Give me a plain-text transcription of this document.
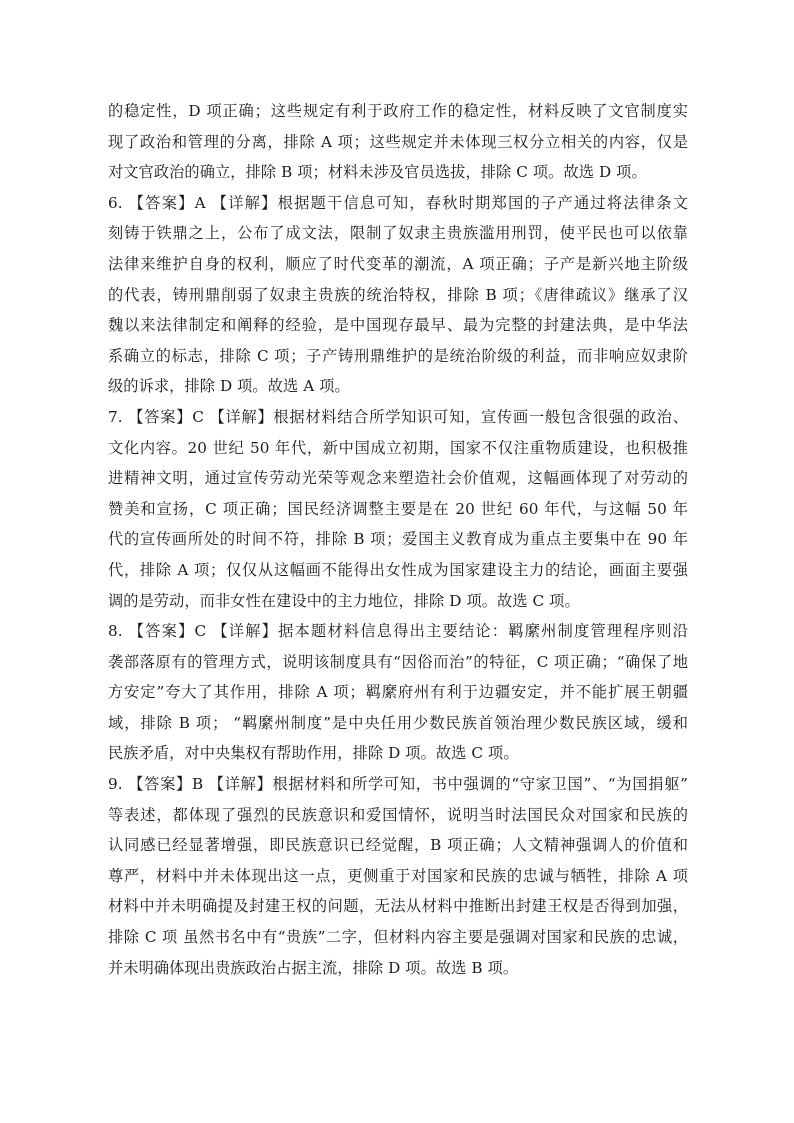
的稳定性，D 项正确；这些规定有利于政府工作的稳定性，材料反映了文官制度实
现了政治和管理的分离，排除 A 项；这些规定并未体现三权分立相关的内容，仅是
对文官政治的确立，排除 B 项；材料未涉及官员选拔，排除 C 项。故选 D 项。
6. 【答案】A 【详解】根据题干信息可知，春秋时期郑国的子产通过将法律条文
刻铸于铁鼎之上，公布了成文法，限制了奴隶主贵族滥用刑罚，使平民也可以依靠
法律来维护自身的权利，顺应了时代变革的潮流，A 项正确；子产是新兴地主阶级
的代表，铸刑鼎削弱了奴隶主贵族的统治特权，排除 B 项；《唐律疏议》继承了汉
魏以来法律制定和阐释的经验，是中国现存最早、最为完整的封建法典，是中华法
系确立的标志，排除 C 项；子产铸刑鼎维护的是统治阶级的利益，而非响应奴隶阶
级的诉求，排除 D 项。故选 A 项。
7. 【答案】C 【详解】根据材料结合所学知识可知，宣传画一般包含很强的政治、
文化内容。20 世纪 50 年代，新中国成立初期，国家不仅注重物质建设，也积极推
进精神文明，通过宣传劳动光荣等观念来塑造社会价值观，这幅画体现了对劳动的
赞美和宣扬，C 项正确；国民经济调整主要是在 20 世纪 60 年代，与这幅 50 年
代的宣传画所处的时间不符，排除 B 项；爱国主义教育成为重点主要集中在 90 年
代，排除 A 项；仅仅从这幅画不能得出女性成为国家建设主力的结论，画面主要强
调的是劳动，而非女性在建设中的主力地位，排除 D 项。故选 C 项。
8. 【答案】C 【详解】据本题材料信息得出主要结论：羁縻州制度管理程序则沿
袭部落原有的管理方式，说明该制度具有“因俗而治”的特征，C 项正确；“确保了地
方安定”夸大了其作用，排除 A 项；羁縻府州有利于边疆安定，并不能扩展王朝疆
域，排除 B 项； “羁縻州制度”是中央任用少数民族首领治理少数民族区域，缓和
民族矛盾，对中央集权有帮助作用，排除 D 项。故选 C 项。
9. 【答案】B 【详解】根据材料和所学可知，书中强调的“守家卫国”、“为国捐躯”
等表述，都体现了强烈的民族意识和爱国情怀，说明当时法国民众对国家和民族的
认同感已经显著增强，即民族意识已经觉醒，B 项正确；人文精神强调人的价值和
尊严，材料中并未体现出这一点，更侧重于对国家和民族的忠诚与牺牲，排除 A 项
材料中并未明确提及封建王权的问题，无法从材料中推断出封建王权是否得到加强，
排除 C 项 虽然书名中有“贵族”二字，但材料内容主要是强调对国家和民族的忠诚，
并未明确体现出贵族政治占据主流，排除 D 项。故选 B 项。
